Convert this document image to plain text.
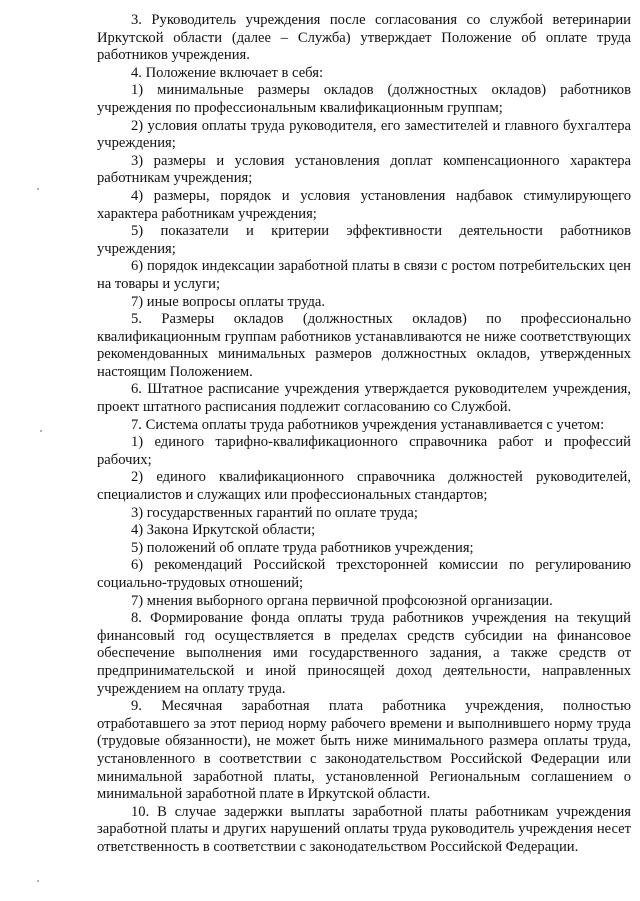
3. Руководитель учреждения после согласования со службой ветеринарии Иркутской области (далее – Служба) утверждает Положение об оплате труда работников учреждения.

4. Положение включает в себя:

1) минимальные размеры окладов (должностных окладов) работников учреждения по профессиональным квалификационным группам;

2) условия оплаты труда руководителя, его заместителей и главного бухгалтера учреждения;

3) размеры и условия установления доплат компенсационного характера работникам учреждения;

4) размеры, порядок и условия установления надбавок стимулирующего характера работникам учреждения;

5) показатели и критерии эффективности деятельности работников учреждения;

6) порядок индексации заработной платы в связи с ростом потребительских цен на товары и услуги;

7) иные вопросы оплаты труда.

5. Размеры окладов (должностных окладов) по профессионально квалификационным группам работников устанавливаются не ниже соответствующих рекомендованных минимальных размеров должностных окладов, утвержденных настоящим Положением.

6. Штатное расписание учреждения утверждается руководителем учреждения, проект штатного расписания подлежит согласованию со Службой.

7. Система оплаты труда работников учреждения устанавливается с учетом:

1) единого тарифно-квалификационного справочника работ и профессий рабочих;

2) единого квалификационного справочника должностей руководителей, специалистов и служащих или профессиональных стандартов;

3) государственных гарантий по оплате труда;

4) Закона Иркутской области;

5) положений об оплате труда работников учреждения;

6) рекомендаций Российской трехсторонней комиссии по регулированию социально-трудовых отношений;

7) мнения выборного органа первичной профсоюзной организации.

8. Формирование фонда оплаты труда работников учреждения на текущий финансовый год осуществляется в пределах средств субсидии на финансовое обеспечение выполнения ими государственного задания, а также средств от предпринимательской и иной приносящей доход деятельности, направленных учреждением на оплату труда.

9. Месячная заработная плата работника учреждения, полностью отработавшего за этот период норму рабочего времени и выполнившего норму труда (трудовые обязанности), не может быть ниже минимального размера оплаты труда, установленного в соответствии с законодательством Российской Федерации или минимальной заработной платы, установленной Региональным соглашением о минимальной заработной плате в Иркутской области.

10. В случае задержки выплаты заработной платы работникам учреждения заработной платы и других нарушений оплаты труда руководитель учреждения несет ответственность в соответствии с законодательством Российской Федерации.
